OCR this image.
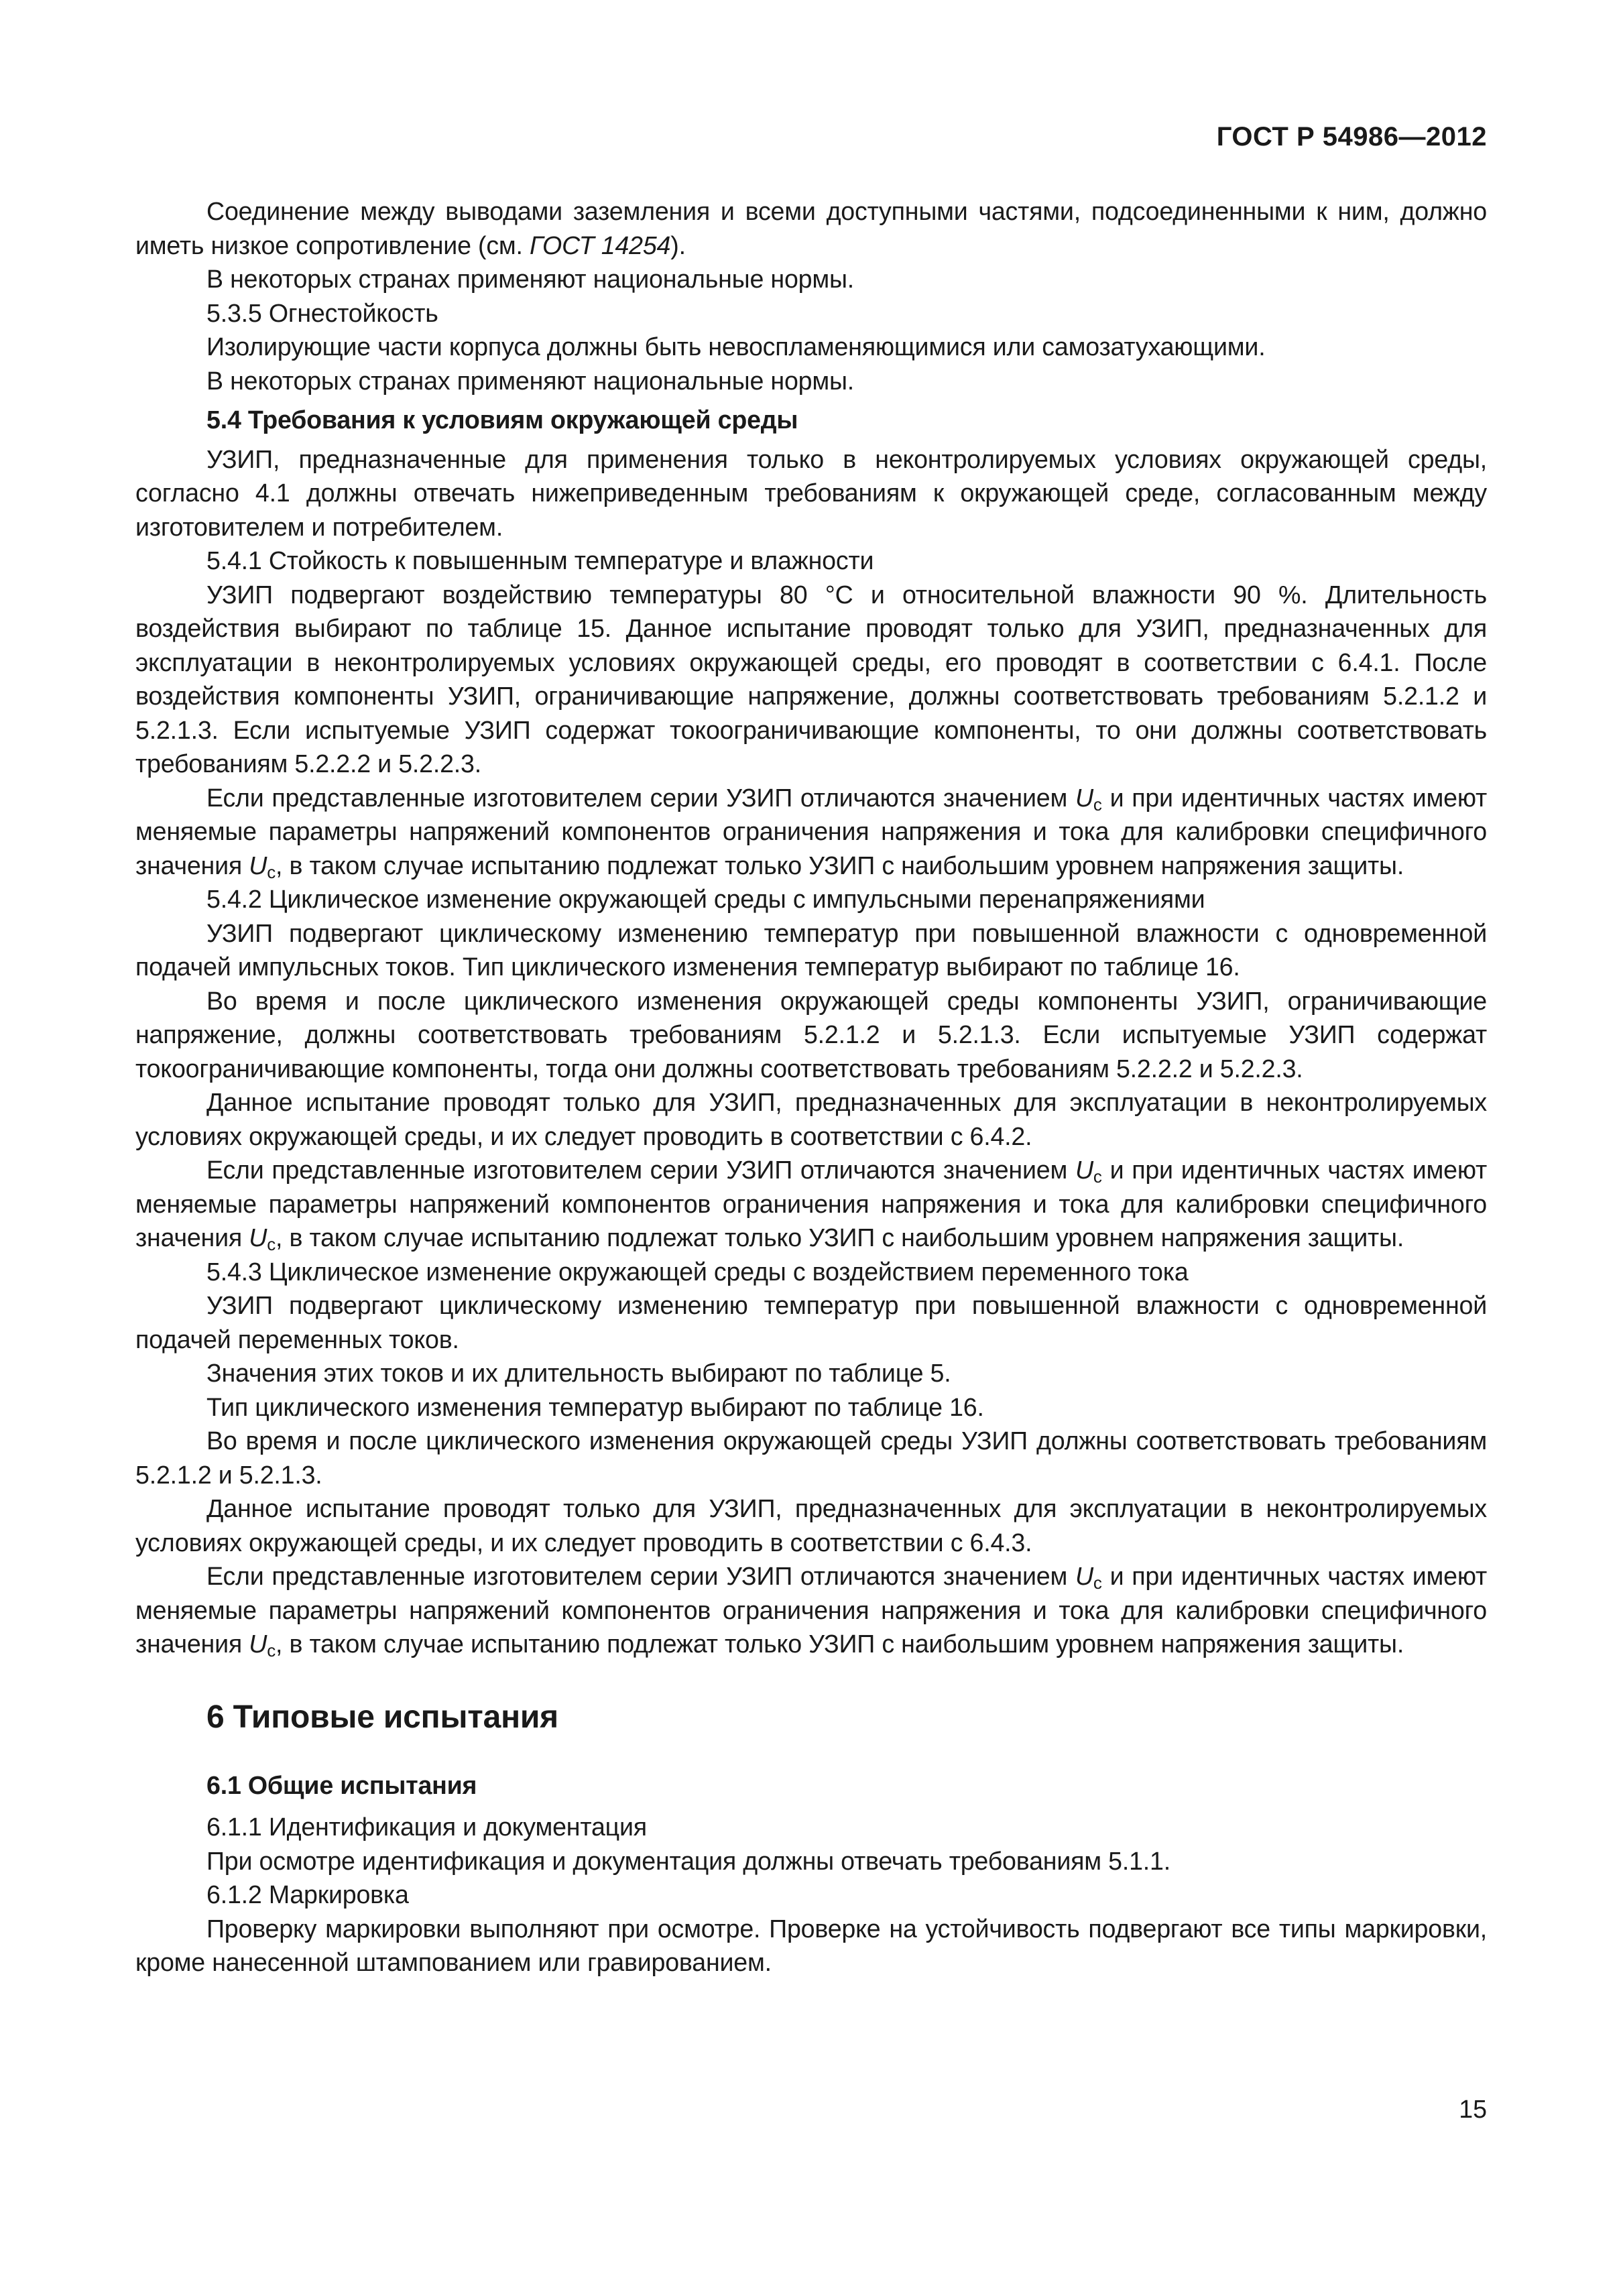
ГОСТ Р 54986—2012

Соединение между выводами заземления и всеми доступными частями, подсоединенными к ним, должно иметь низкое сопротивление (см. ГОСТ 14254).

В некоторых странах применяют национальные нормы.

5.3.5 Огнестойкость

Изолирующие части корпуса должны быть невоспламеняющимися или самозатухающими.

В некоторых странах применяют национальные нормы.

5.4 Требования к условиям окружающей среды

УЗИП, предназначенные для применения только в неконтролируемых условиях окружающей среды, согласно 4.1 должны отвечать нижеприведенным требованиям к окружающей среде, согласованным между изготовителем и потребителем.

5.4.1 Стойкость к повышенным температуре и влажности

УЗИП подвергают воздействию температуры 80 °С и относительной влажности 90 %. Длительность воздействия выбирают по таблице 15. Данное испытание проводят только для УЗИП, предназначенных для эксплуатации в неконтролируемых условиях окружающей среды, его проводят в соответствии с 6.4.1. После воздействия компоненты УЗИП, ограничивающие напряжение, должны соответствовать требованиям 5.2.1.2 и 5.2.1.3. Если испытуемые УЗИП содержат токоограничивающие компоненты, то они должны соответствовать требованиям 5.2.2.2 и 5.2.2.3.

Если представленные изготовителем серии УЗИП отличаются значением $U_c$ и при идентичных частях имеют меняемые параметры напряжений компонентов ограничения напряжения и тока для калибровки специфичного значения $U_c$, в таком случае испытанию подлежат только УЗИП с наибольшим уровнем напряжения защиты.

5.4.2 Циклическое изменение окружающей среды с импульсными перенапряжениями

УЗИП подвергают циклическому изменению температур при повышенной влажности с одновременной подачей импульсных токов. Тип циклического изменения температур выбирают по таблице 16.

Во время и после циклического изменения окружающей среды компоненты УЗИП, ограничивающие напряжение, должны соответствовать требованиям 5.2.1.2 и 5.2.1.3. Если испытуемые УЗИП содержат токоограничивающие компоненты, тогда они должны соответствовать требованиям 5.2.2.2 и 5.2.2.3.

Данное испытание проводят только для УЗИП, предназначенных для эксплуатации в неконтролируемых условиях окружающей среды, и их следует проводить в соответствии с 6.4.2.

Если представленные изготовителем серии УЗИП отличаются значением $U_c$ и при идентичных частях имеют меняемые параметры напряжений компонентов ограничения напряжения и тока для калибровки специфичного значения $U_c$, в таком случае испытанию подлежат только УЗИП с наибольшим уровнем напряжения защиты.

5.4.3 Циклическое изменение окружающей среды с воздействием переменного тока

УЗИП подвергают циклическому изменению температур при повышенной влажности с одновременной подачей переменных токов.

Значения этих токов и их длительность выбирают по таблице 5.

Тип циклического изменения температур выбирают по таблице 16.

Во время и после циклического изменения окружающей среды УЗИП должны соответствовать требованиям 5.2.1.2 и 5.2.1.3.

Данное испытание проводят только для УЗИП, предназначенных для эксплуатации в неконтролируемых условиях окружающей среды, и их следует проводить в соответствии с 6.4.3.

Если представленные изготовителем серии УЗИП отличаются значением $U_c$ и при идентичных частях имеют меняемые параметры напряжений компонентов ограничения напряжения и тока для калибровки специфичного значения $U_c$, в таком случае испытанию подлежат только УЗИП с наибольшим уровнем напряжения защиты.

6 Типовые испытания

6.1 Общие испытания

6.1.1 Идентификация и документация

При осмотре идентификация и документация должны отвечать требованиям 5.1.1.

6.1.2 Маркировка

Проверку маркировки выполняют при осмотре. Проверке на устойчивость подвергают все типы маркировки, кроме нанесенной штампованием или гравированием.

15
